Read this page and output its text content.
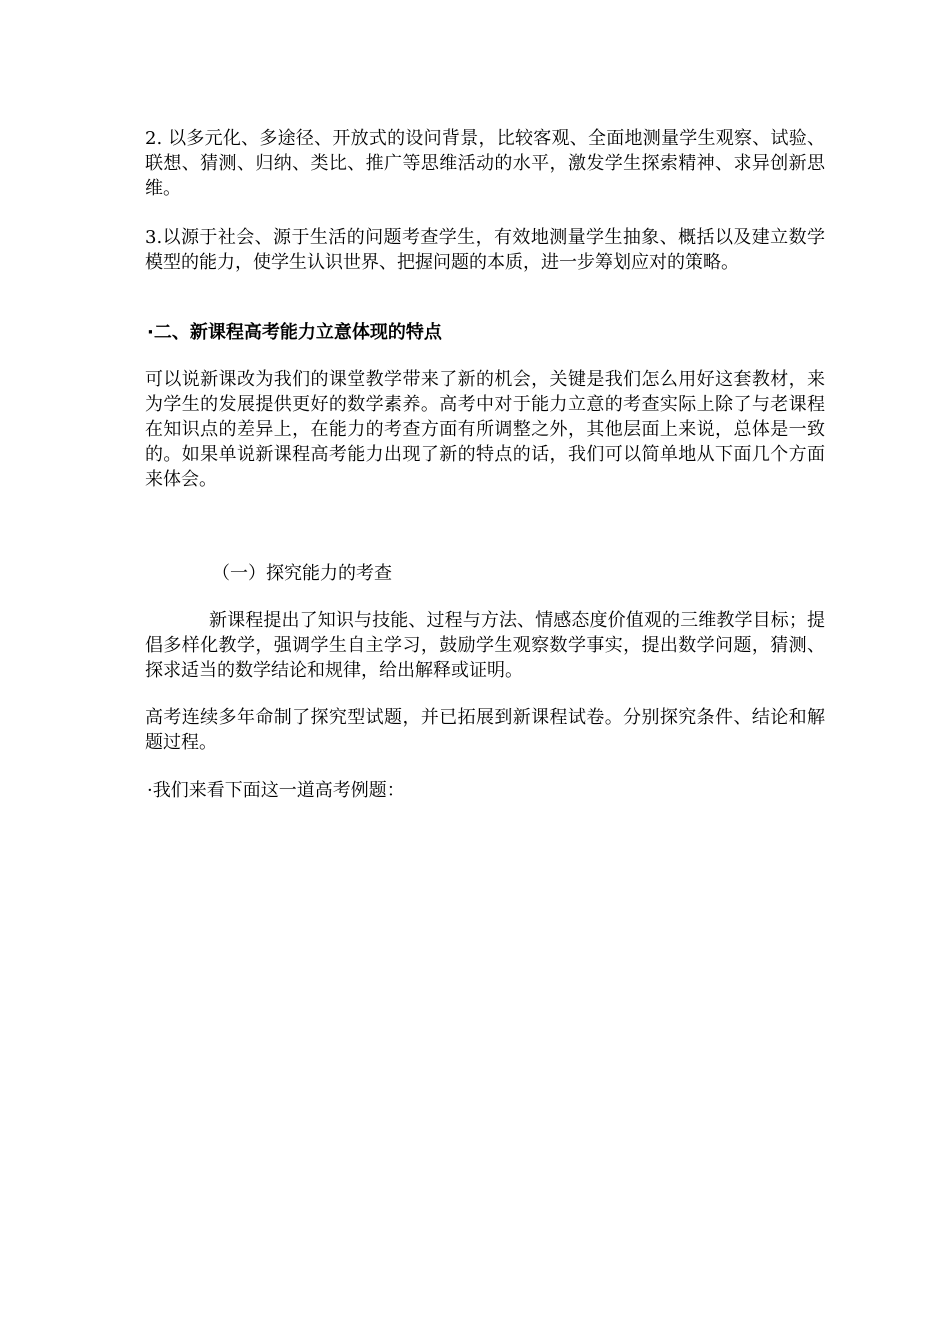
2. 以多元化、多途径、开放式的设问背景，比较客观、全面地测量学生观察、试验、联想、猜测、归纳、类比、推广等思维活动的水平，激发学生探索精神、求异创新思维。

3.以源于社会、源于生活的问题考查学生，有效地测量学生抽象、概括以及建立数学模型的能力，使学生认识世界、把握问题的本质，进一步筹划应对的策略。

·二、新课程高考能力立意体现的特点

可以说新课改为我们的课堂教学带来了新的机会，关键是我们怎么用好这套教材，来为学生的发展提供更好的数学素养。高考中对于能力立意的考查实际上除了与老课程在知识点的差异上，在能力的考查方面有所调整之外，其他层面上来说，总体是一致的。如果单说新课程高考能力出现了新的特点的话，我们可以简单地从下面几个方面来体会。

（一）探究能力的考查

新课程提出了知识与技能、过程与方法、情感态度价值观的三维教学目标；提倡多样化教学，强调学生自主学习，鼓励学生观察数学事实，提出数学问题，猜测、探求适当的数学结论和规律，给出解释或证明。

高考连续多年命制了探究型试题，并已拓展到新课程试卷。分别探究条件、结论和解题过程。

·我们来看下面这一道高考例题：
